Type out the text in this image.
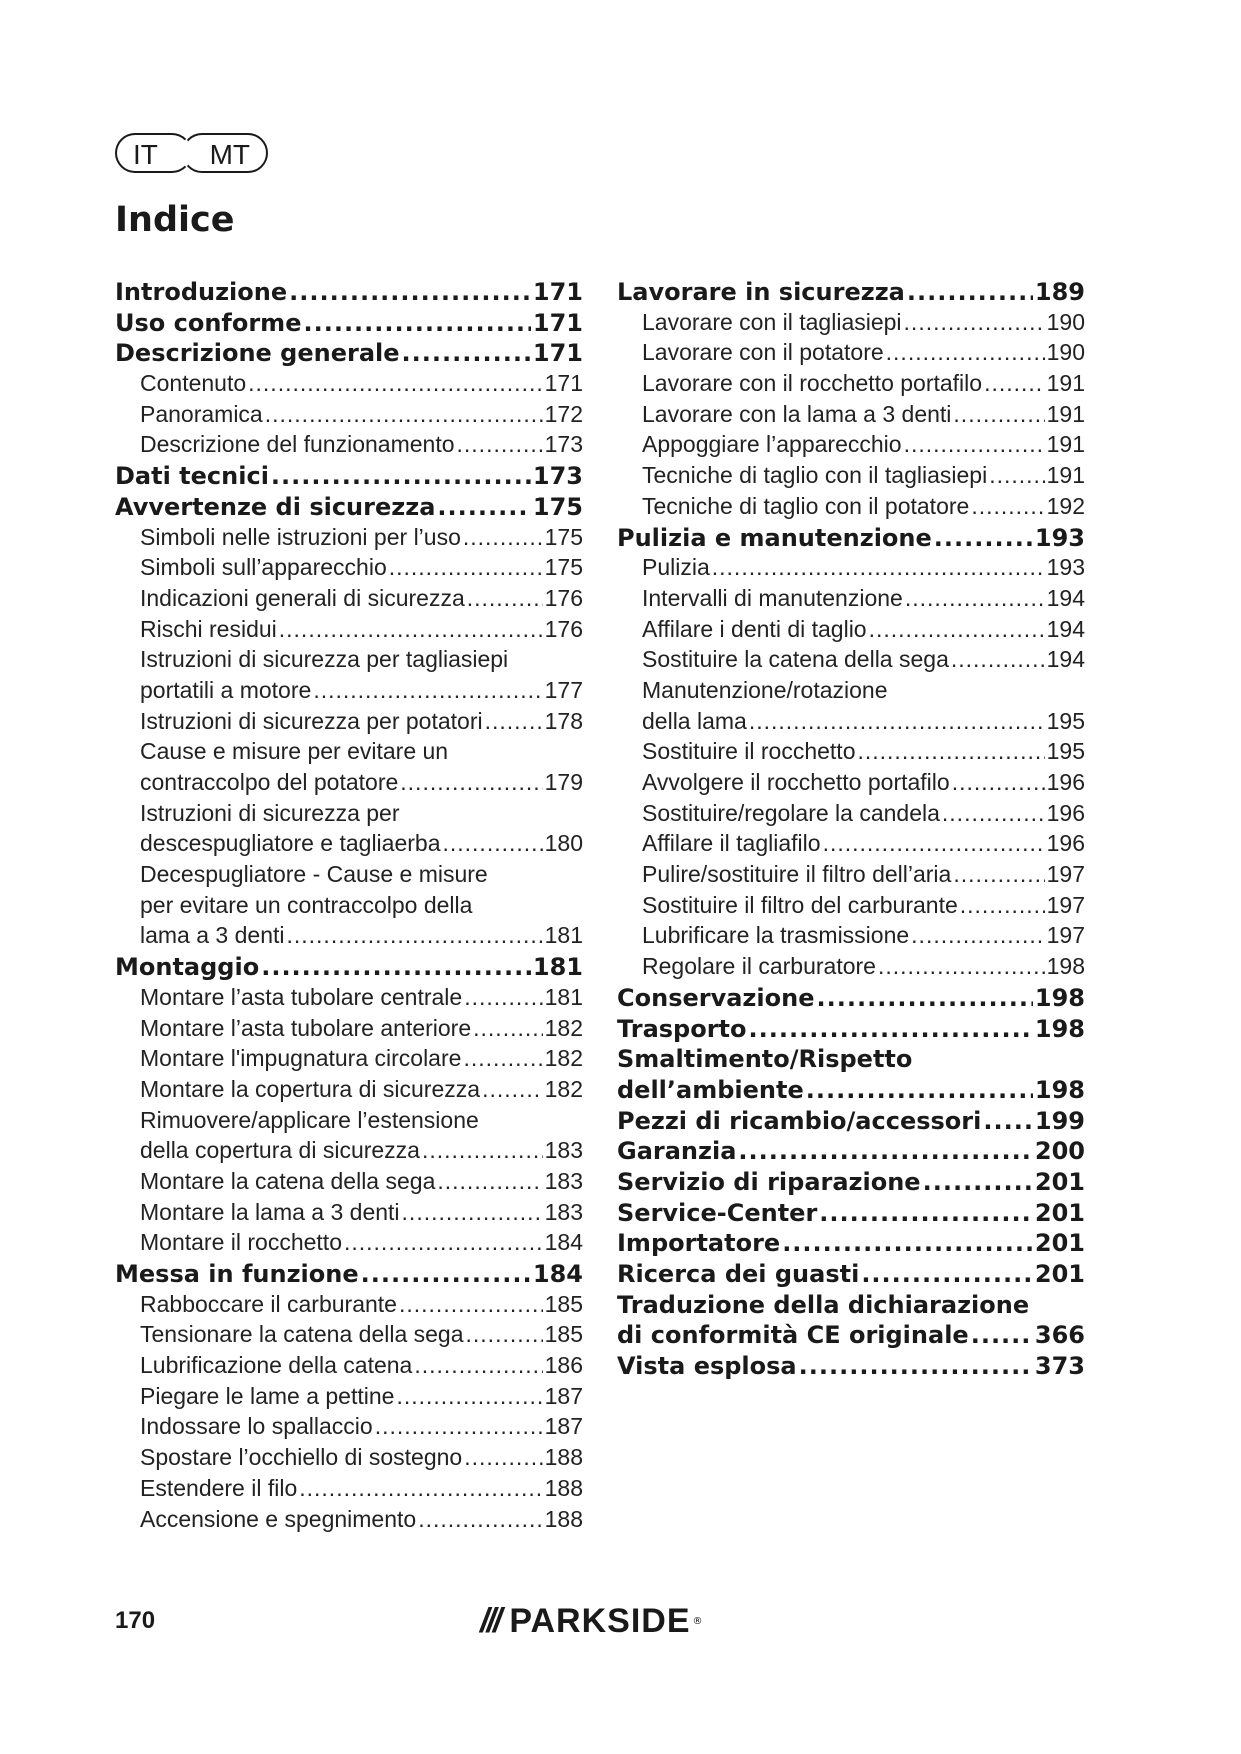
IT	MT
Indice
Introduzione .....	171
Uso conforme .....	171
Descrizione generale .....	171
Contenuto .....	171
Panoramica .....	172
Descrizione del funzionamento .....	173
Dati tecnici .....	173
Avvertenze di sicurezza .....	175
Simboli nelle istruzioni per l’uso .....	175
Simboli sull’apparecchio .....	175
Indicazioni generali di sicurezza .....	176
Rischi residui .....	176
Istruzioni di sicurezza per tagliasiepi
portatili a motore .....	177
Istruzioni di sicurezza per potatori .....	178
Cause e misure per evitare un
contraccolpo del potatore .....	179
Istruzioni di sicurezza per
descespugliatore e tagliaerba .....	180
Decespugliatore - Cause e misure
per evitare un contraccolpo della
lama a 3 denti .....	181
Montaggio .....	181
Montare l’asta tubolare centrale .....	181
Montare l’asta tubolare anteriore .....	182
Montare l'impugnatura circolare .....	182
Montare la copertura di sicurezza .....	182
Rimuovere/applicare l’estensione
della copertura di sicurezza .....	183
Montare la catena della sega .....	183
Montare la lama a 3 denti .....	183
Montare il rocchetto .....	184
Messa in funzione .....	184
Rabboccare il carburante .....	185
Tensionare la catena della sega .....	185
Lubrificazione della catena .....	186
Piegare le lame a pettine .....	187
Indossare lo spallaccio .....	187
Spostare l’occhiello di sostegno .....	188
Estendere il filo .....	188
Accensione e spegnimento .....	188
Lavorare in sicurezza .....	189
Lavorare con il tagliasiepi .....	190
Lavorare con il potatore .....	190
Lavorare con il rocchetto portafilo .....	191
Lavorare con la lama a 3 denti .....	191
Appoggiare l’apparecchio .....	191
Tecniche di taglio con il tagliasiepi .....	191
Tecniche di taglio con il potatore .....	192
Pulizia e manutenzione .....	193
Pulizia .....	193
Intervalli di manutenzione .....	194
Affilare i denti di taglio .....	194
Sostituire la catena della sega .....	194
Manutenzione/rotazione
della lama .....	195
Sostituire il rocchetto .....	195
Avvolgere il rocchetto portafilo .....	196
Sostituire/regolare la candela .....	196
Affilare il tagliafilo .....	196
Pulire/sostituire il filtro dell’aria .....	197
Sostituire il filtro del carburante .....	197
Lubrificare la trasmissione .....	197
Regolare il carburatore .....	198
Conservazione .....	198
Trasporto .....	198
Smaltimento/Rispetto
dell’ambiente .....	198
Pezzi di ricambio/accessori ..... 199
Garanzia .....	200
Servizio di riparazione .....	201
Service-Center .....	201
Importatore .....	201
Ricerca dei guasti .....	201
Traduzione della dichiarazione
di conformità CE originale .....	366
Vista esplosa .....	373
170	/// PARKSIDE ®
